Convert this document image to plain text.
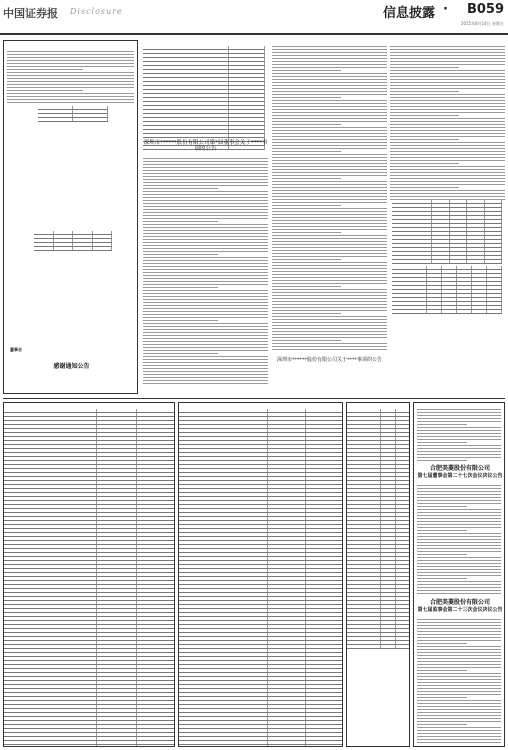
中国证券报 Disclosure	信息披露 · B059
2015年8月14日 星期五
董事会
感谢通知公告
深圳市******股份有限公司第*届董事会关于****事项的公告
深圳市******股份有限公司关于****事项的公告
合肥美菱股份有限公司
第七届董事会第二十七次会议决议公告
合肥美菱股份有限公司
第七届监事会第二十三次会议决议公告
